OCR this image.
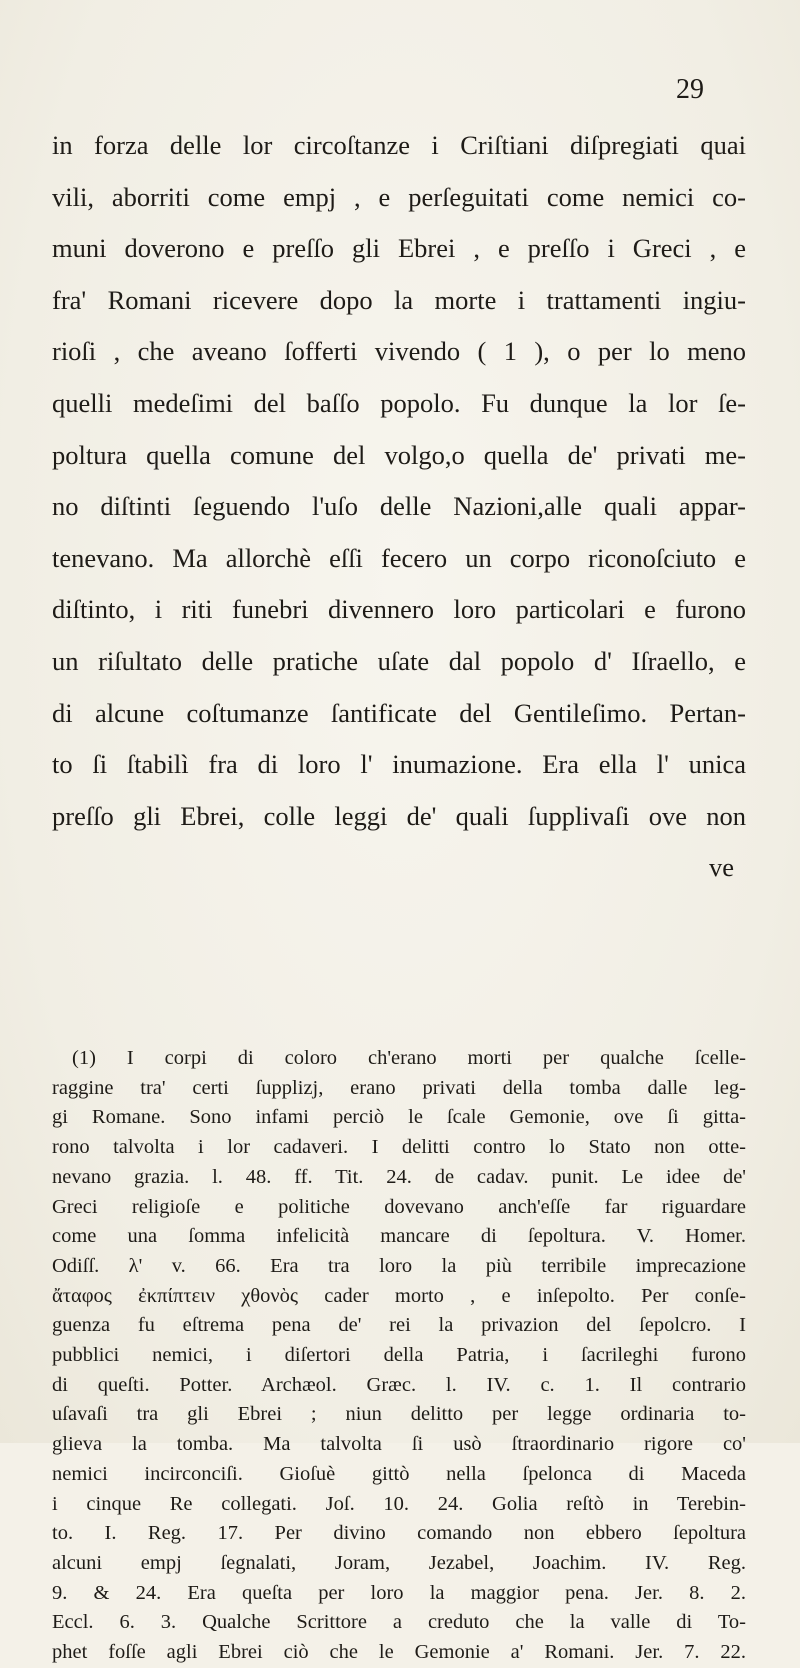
29
in forza delle lor circoſtanze i Criſtiani diſpregiati quai
vili, aborriti come empj , e perſeguitati come nemici co-
muni doverono e preſſo gli Ebrei , e preſſo i Greci , e
fra' Romani ricevere dopo la morte i trattamenti ingiu-
rioſi , che aveano ſofferti vivendo ( 1 ), o per lo meno
quelli medeſimi del baſſo popolo. Fu dunque la lor ſe-
poltura quella comune del volgo,o quella de' privati me-
no diſtinti ſeguendo l'uſo delle Nazioni,alle quali appar-
tenevano. Ma allorchè eſſi fecero un corpo riconoſciuto e
diſtinto, i riti funebri divennero loro particolari e furono
un riſultato delle pratiche uſate dal popolo d' Iſraello, e
di alcune coſtumanze ſantificate del Gentileſimo. Pertan-
to ſi ſtabilì fra di loro l' inumazione. Era ella l' unica
preſſo gli Ebrei, colle leggi de' quali ſupplivaſi ove non
ve
(1) I corpi di coloro ch'erano morti per qualche ſcelle-
raggine tra' certi ſupplizj, erano privati della tomba dalle leg-
gi Romane. Sono infami perciò le ſcale Gemonie, ove ſi gitta-
rono talvolta i lor cadaveri. I delitti contro lo Stato non otte-
nevano grazia. l. 48. ff. Tit. 24. de cadav. punit. Le idee de'
Greci religioſe e politiche dovevano anch'eſſe far riguardare
come una ſomma infelicità mancare di ſepoltura. V. Homer.
Odiſſ. λ' v. 66. Era tra loro la più terribile imprecazione
ἄταφος ἐκπίπτειν χθονὸς cader morto , e inſepolto. Per conſe-
guenza fu eſtrema pena de' rei la privazion del ſepolcro. I
pubblici nemici, i diſertori della Patria, i ſacrileghi furono
di queſti. Potter. Archæol. Græc. l. IV. c. 1. Il contrario
uſavaſi tra gli Ebrei ; niun delitto per legge ordinaria to-
glieva la tomba. Ma talvolta ſi usò ſtraordinario rigore co'
nemici incirconciſi. Gioſuè gittò nella ſpelonca di Maceda
i cinque Re collegati. Joſ. 10. 24. Golia reſtò in Terebin-
to. I. Reg. 17. Per divino comando non ebbero ſepoltura
alcuni empj ſegnalati, Joram, Jezabel, Joachim. IV. Reg.
9. & 24. Era queſta per loro la maggior pena. Jer. 8. 2.
Eccl. 6. 3. Qualche Scrittore a creduto che la valle di To-
phet foſſe agli Ebrei ciò che le Gemonie a' Romani. Jer. 7. 22.
